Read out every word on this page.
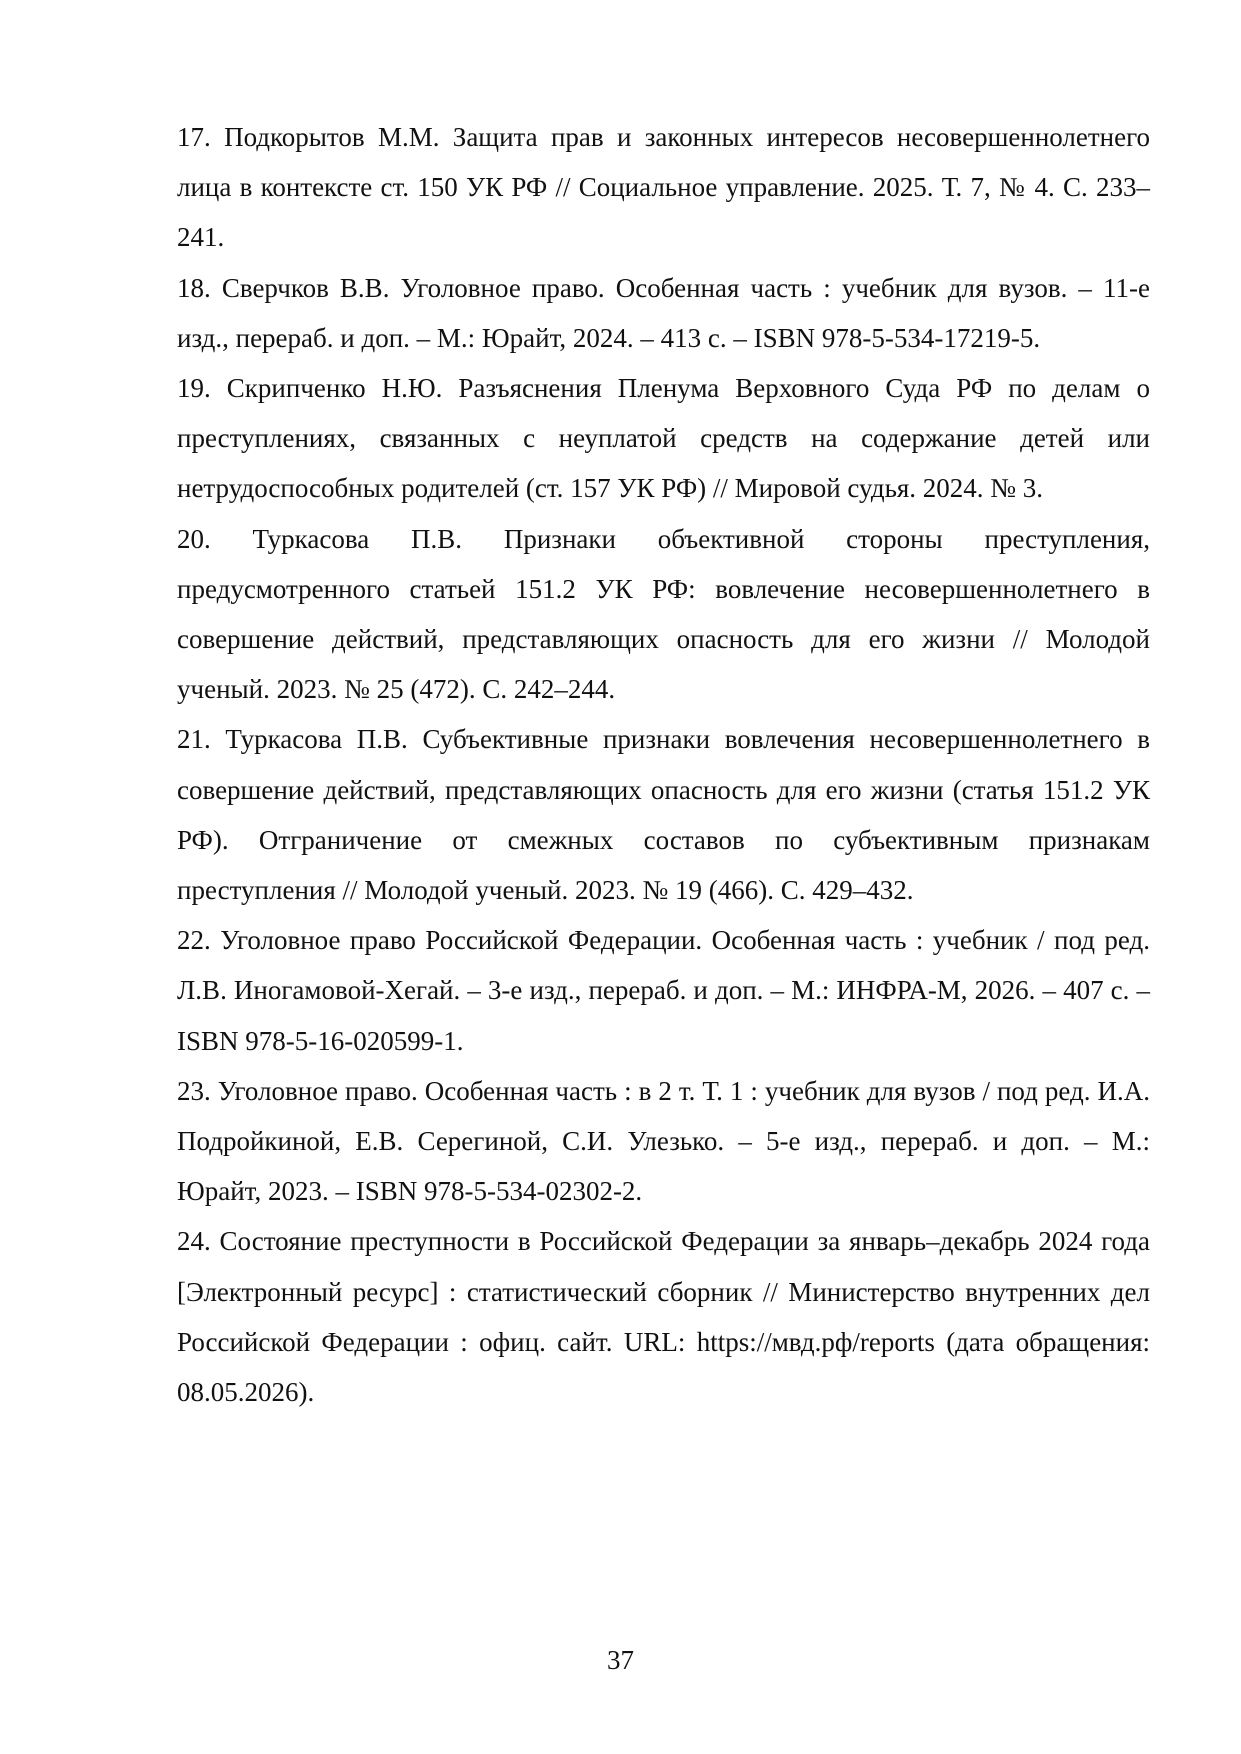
17. Подкорытов М.М. Защита прав и законных интересов несовершеннолетнего лица в контексте ст. 150 УК РФ // Социальное управление. 2025. Т. 7, № 4. С. 233–241.

18. Сверчков В.В. Уголовное право. Особенная часть : учебник для вузов. – 11-е изд., перераб. и доп. – М.: Юрайт, 2024. – 413 с. – ISBN 978-5-534-17219-5.

19. Скрипченко Н.Ю. Разъяснения Пленума Верховного Суда РФ по делам о преступлениях, связанных с неуплатой средств на содержание детей или нетрудоспособных родителей (ст. 157 УК РФ) // Мировой судья. 2024. № 3.

20. Туркасова П.В. Признаки объективной стороны преступления, предусмотренного статьей 151.2 УК РФ: вовлечение несовершеннолетнего в совершение действий, представляющих опасность для его жизни // Молодой ученый. 2023. № 25 (472). С. 242–244.

21. Туркасова П.В. Субъективные признаки вовлечения несовершеннолетнего в совершение действий, представляющих опасность для его жизни (статья 151.2 УК РФ). Отграничение от смежных составов по субъективным признакам преступления // Молодой ученый. 2023. № 19 (466). С. 429–432.

22. Уголовное право Российской Федерации. Особенная часть : учебник / под ред. Л.В. Иногамовой-Хегай. – 3-е изд., перераб. и доп. – М.: ИНФРА-М, 2026. – 407 с. – ISBN 978-5-16-020599-1.

23. Уголовное право. Особенная часть : в 2 т. Т. 1 : учебник для вузов / под ред. И.А. Подройкиной, Е.В. Серегиной, С.И. Улезько. – 5-е изд., перераб. и доп. – М.: Юрайт, 2023. – ISBN 978-5-534-02302-2.

24. Состояние преступности в Российской Федерации за январь–декабрь 2024 года [Электронный ресурс] : статистический сборник // Министерство внутренних дел Российской Федерации : офиц. сайт. URL: https://мвд.рф/reports (дата обращения: 08.05.2026).

37
